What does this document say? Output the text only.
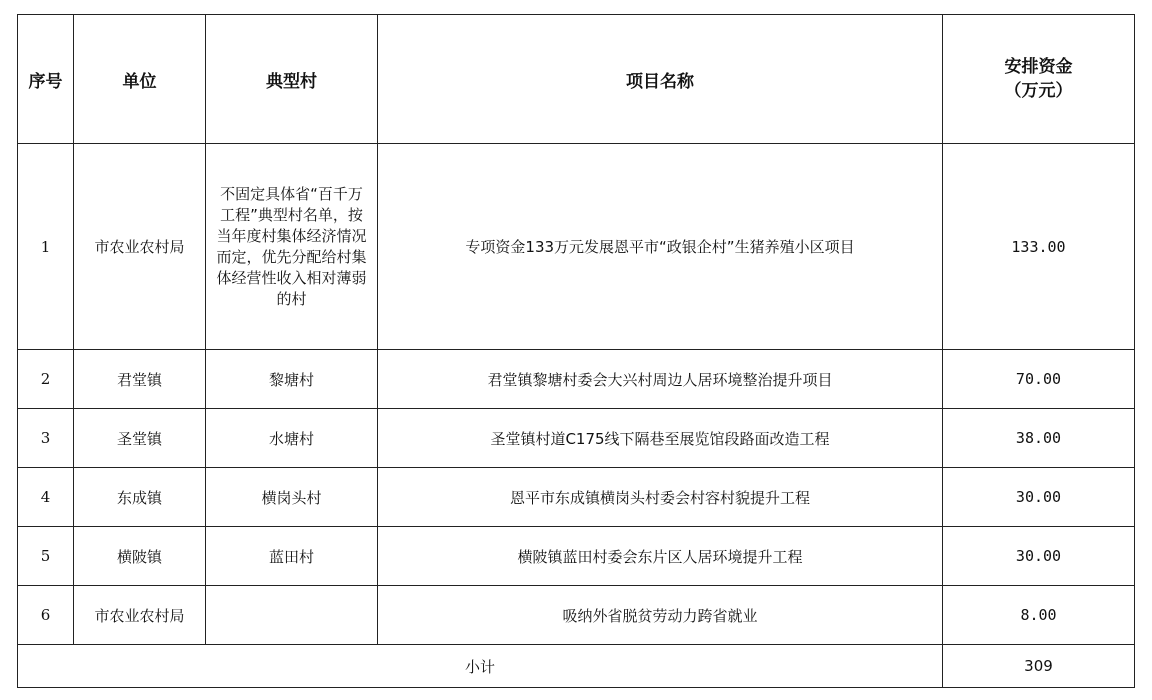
序号	单位	典型村	项目名称	安排资金
（万元）

1	市农业农村局	不固定具体省“百千万工程”典型村名单，按当年度村集体经济情况而定，优先分配给村集体经营性收入相对薄弱的村	专项资金133万元发展恩平市“政银企村”生猪养殖小区项目	133.00
2	君堂镇	黎塘村	君堂镇黎塘村委会大兴村周边人居环境整治提升项目	70.00
3	圣堂镇	水塘村	圣堂镇村道C175线下隔巷至展览馆段路面改造工程	38.00
4	东成镇	横岗头村	恩平市东成镇横岗头村委会村容村貌提升工程	30.00
5	横陂镇	蓝田村	横陂镇蓝田村委会东片区人居环境提升工程	30.00
6	市农业农村局		吸纳外省脱贫劳动力跨省就业	8.00
小计				309
